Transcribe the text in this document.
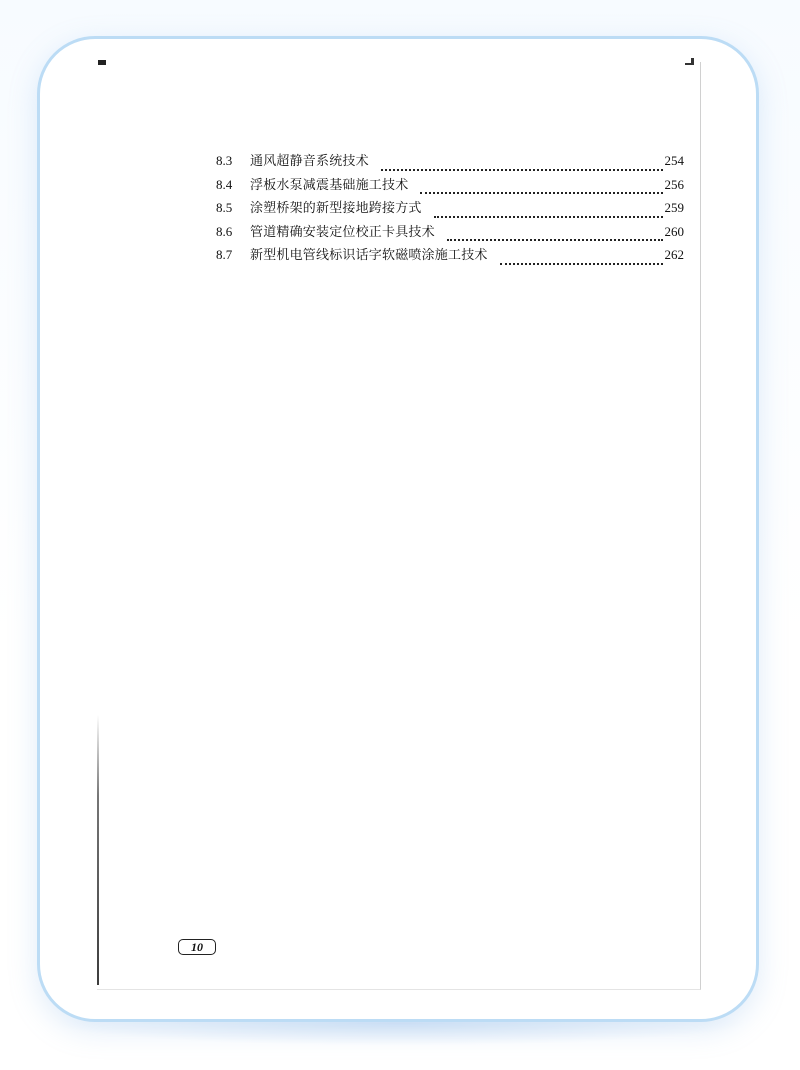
8.3	通风超静音系统技术	254
8.4	浮板水泵减震基础施工技术	256
8.5	涂塑桥架的新型接地跨接方式	259
8.6	管道精确安装定位校正卡具技术	260
8.7	新型机电管线标识话字软磁喷涂施工技术	262
10
